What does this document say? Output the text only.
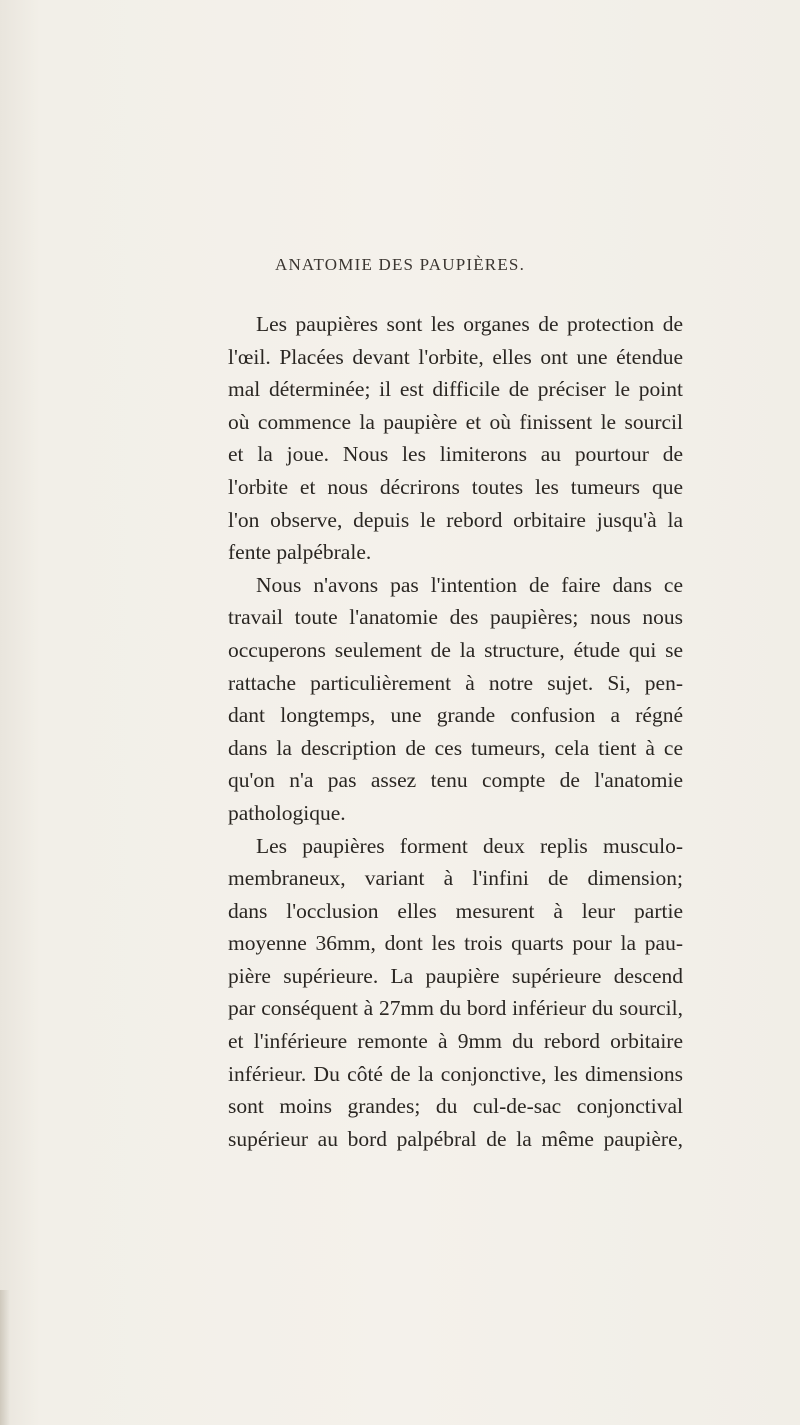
ANATOMIE DES PAUPIÈRES.
Les paupières sont les organes de protection de
l'œil. Placées devant l'orbite, elles ont une étendue
mal déterminée; il est difficile de préciser le point
où commence la paupière et où finissent le sourcil
et la joue. Nous les limiterons au pourtour de
l'orbite et nous décrirons toutes les tumeurs que
l'on observe, depuis le rebord orbitaire jusqu'à la
fente palpébrale.
Nous n'avons pas l'intention de faire dans ce
travail toute l'anatomie des paupières; nous nous
occuperons seulement de la structure, étude qui se
rattache particulièrement à notre sujet. Si, pen-
dant longtemps, une grande confusion a régné
dans la description de ces tumeurs, cela tient à ce
qu'on n'a pas assez tenu compte de l'anatomie
pathologique.
Les paupières forment deux replis musculo-
membraneux, variant à l'infini de dimension;
dans l'occlusion elles mesurent à leur partie
moyenne 36mm, dont les trois quarts pour la pau-
pière supérieure. La paupière supérieure descend
par conséquent à 27mm du bord inférieur du sourcil,
et l'inférieure remonte à 9mm du rebord orbitaire
inférieur. Du côté de la conjonctive, les dimensions
sont moins grandes; du cul-de-sac conjonctival
supérieur au bord palpébral de la même paupière,
